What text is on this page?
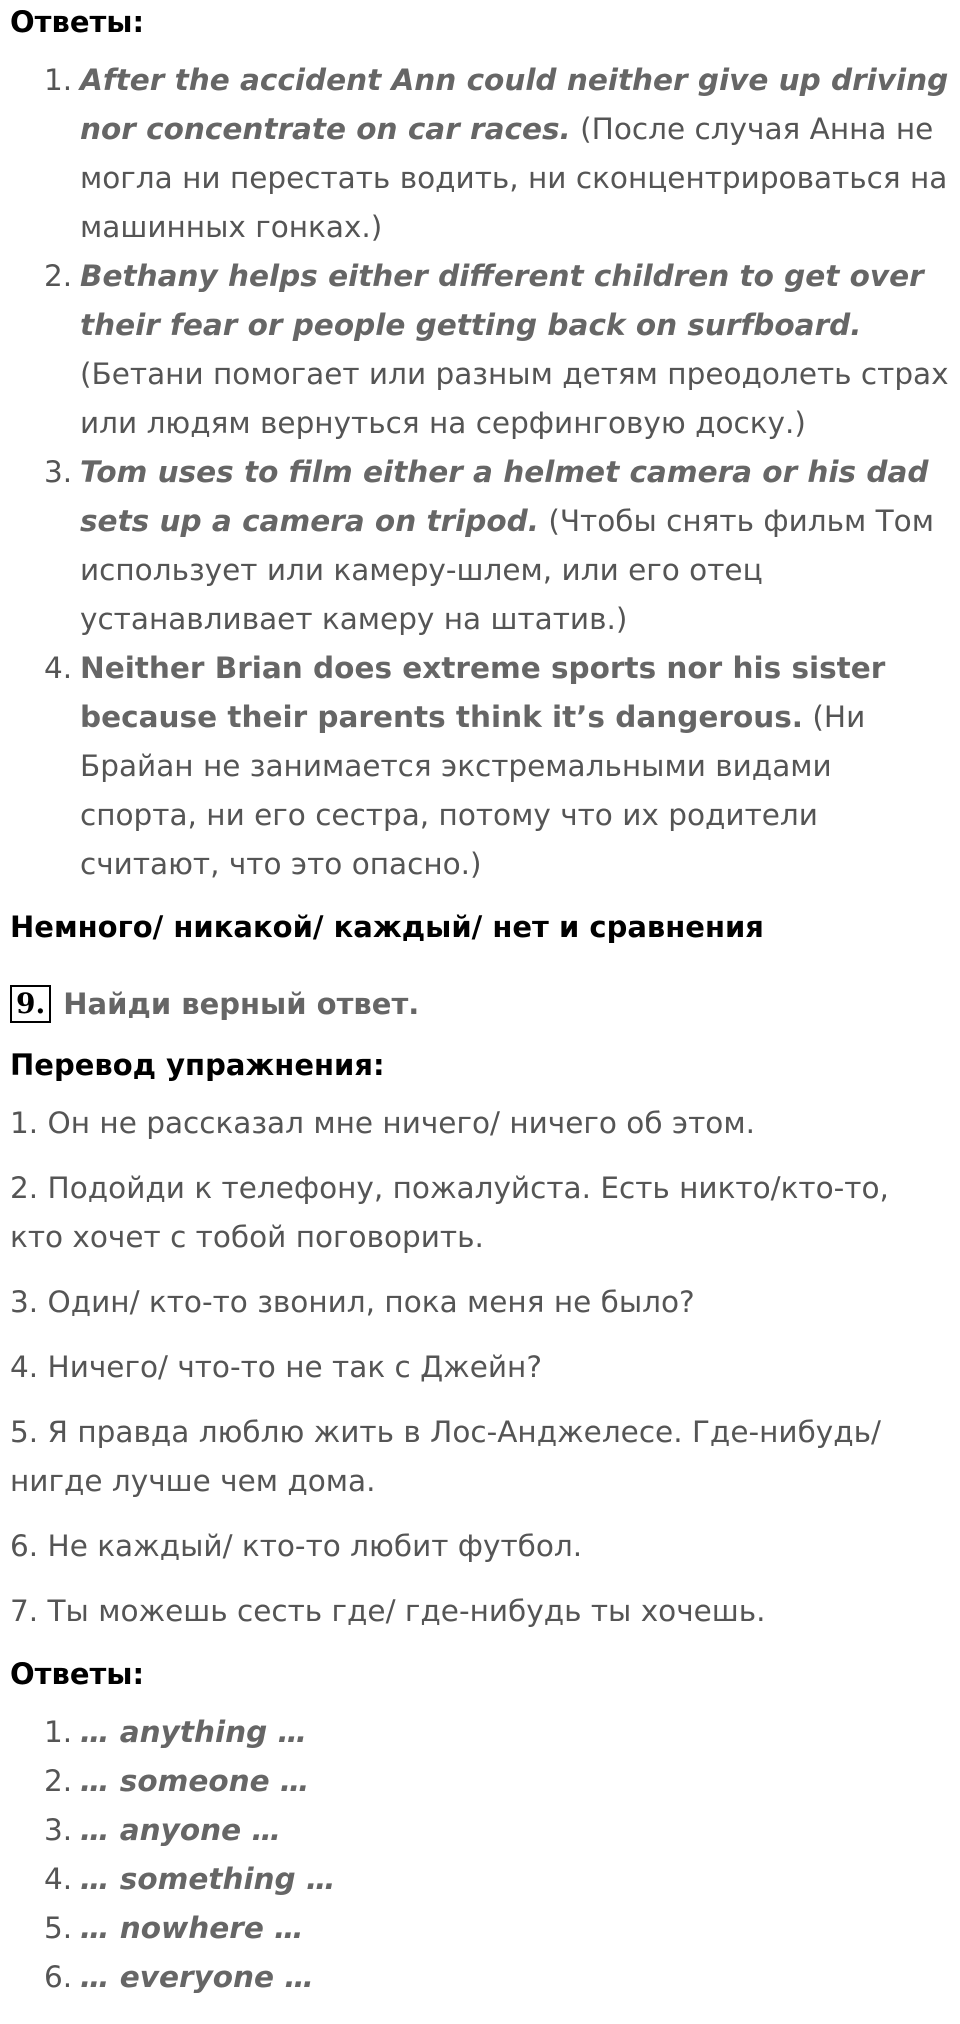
Ответы:

1. After the accident Ann could neither give up driving nor concentrate on car races. (После случая Анна не могла ни перестать водить, ни сконцентрироваться на машинных гонках.)
2. Bethany helps either different children to get over their fear or people getting back on surfboard. (Бетани помогает или разным детям преодолеть страх или людям вернуться на серфинговую доску.)
3. Tom uses to film either a helmet camera or his dad sets up a camera on tripod. (Чтобы снять фильм Том использует или камеру-шлем, или его отец устанавливает камеру на штатив.)
4. Neither Brian does extreme sports nor his sister because their parents think it’s dangerous. (Ни Брайан не занимается экстремальными видами спорта, ни его сестра, потому что их родители считают, что это опасно.)

Немного/ никакой/ каждый/ нет и сравнения

9. Найди верный ответ.

Перевод упражнения:

1. Он не рассказал мне ничего/ ничего об этом.

2. Подойди к телефону, пожалуйста. Есть никто/кто-то, кто хочет с тобой поговорить.

3. Один/ кто-то звонил, пока меня не было?

4. Ничего/ что-то не так с Джейн?

5. Я правда люблю жить в Лос-Анджелесе. Где-нибудь/нигде лучше чем дома.

6. Не каждый/ кто-то любит футбол.

7. Ты можешь сесть где/ где-нибудь ты хочешь.

Ответы:

1. … anything …
2. … someone …
3. … anyone …
4. … something …
5. … nowhere …
6. … everyone …
